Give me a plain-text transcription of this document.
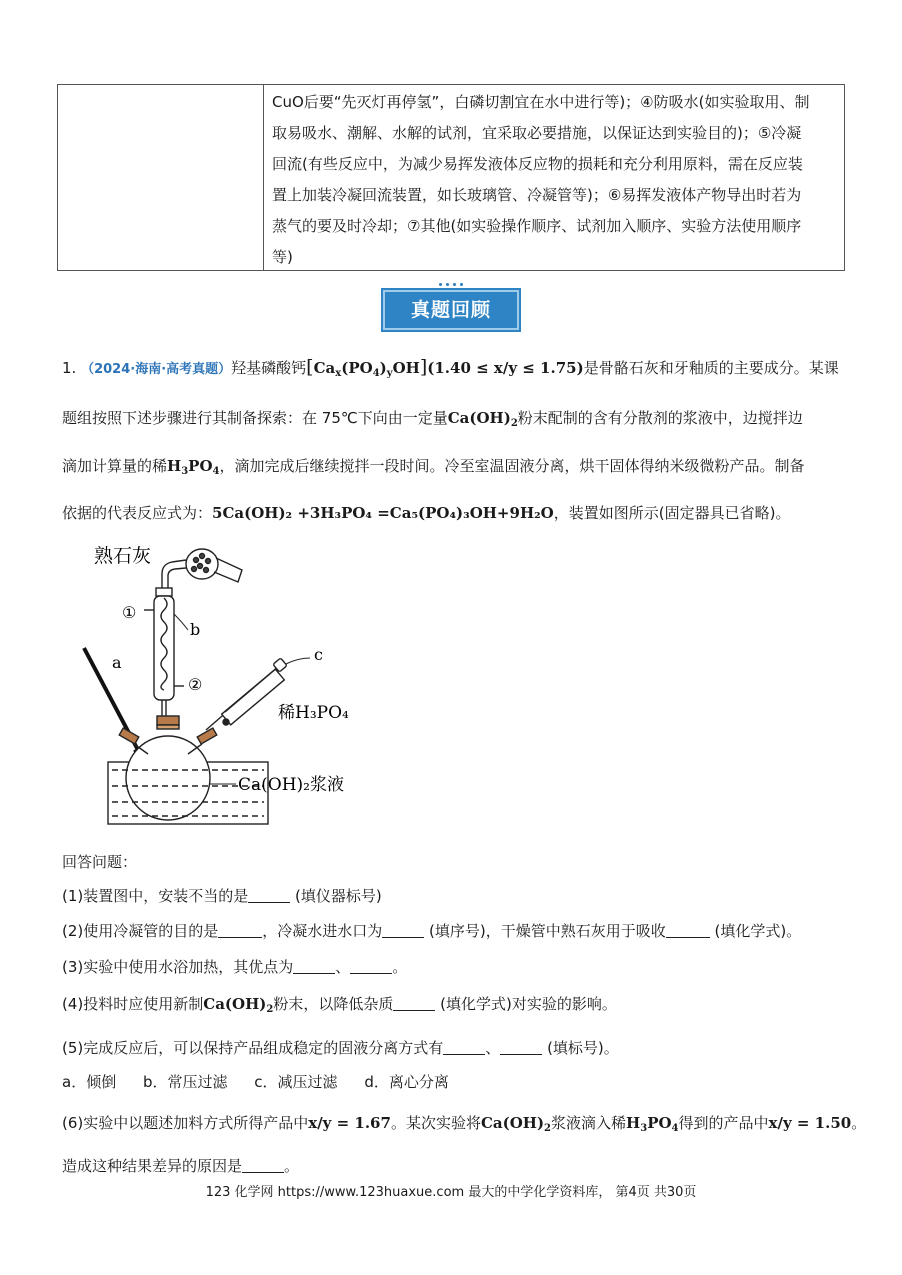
CuO后要“先灭灯再停氢”，白磷切割宜在水中进行等)；④防吸水(如实验取用、制

取易吸水、潮解、水解的试剂，宜采取必要措施，以保证达到实验目的)；⑤冷凝

回流(有些反应中，为减少易挥发液体反应物的损耗和充分利用原料，需在反应装

置上加装冷凝回流装置，如长玻璃管、冷凝管等)；⑥易挥发液体产物导出时若为

蒸气的要及时冷却；⑦其他(如实验操作顺序、试剂加入顺序、实验方法使用顺序

等)

真题回顾
1. （2024·海南·高考真题）羟基磷酸钙$[Ca_x(PO_4)_yOH](1.40 \le x/y \le 1.75)$是骨骼石灰和牙釉质的主要成分。某课
题组按照下述步骤进行其制备探索：在 75℃下向由一定量$Ca(OH)_2$粉末配制的含有分散剂的浆液中，边搅拌边
滴加计算量的稀$H_3PO_4$，滴加完成后继续搅拌一段时间。冷至室温固液分离，烘干固体得纳米级微粉产品。制备
依据的代表反应式为：5Ca(OH)₂ +3H₃PO₄ =Ca₅(PO₄)₃OH+9H₂O，装置如图所示(固定器具已省略)。
熟石灰
①
②
b
a	c
稀H₃PO₄
Ca(OH)₂浆液
回答问题：
(1)装置图中，安装不当的是	(填仪器标号)
(2)使用冷凝管的目的是	，冷凝水进水口为	(填序号)，干燥管中熟石灰用于吸收	(填化学式)。
(3)实验中使用水浴加热，其优点为	、	。
(4)投料时应使用新制$Ca(OH)_2$粉末，以降低杂质	(填化学式)对实验的影响。
(5)完成反应后，可以保持产品组成稳定的固液分离方式有	、	(填标号)。
a．倾倒 b．常压过滤 c．减压过滤 d．离心分离
(6)实验中以题述加料方式所得产品中x/y = 1.67。某次实验将$Ca(OH)_2$浆液滴入稀$H_3PO_4$得到的产品中x/y = 1.50。
造成这种结果差异的原因是	。
123 化学网 https://www.123huaxue.com 最大的中学化学资料库， 第4页 共30页
